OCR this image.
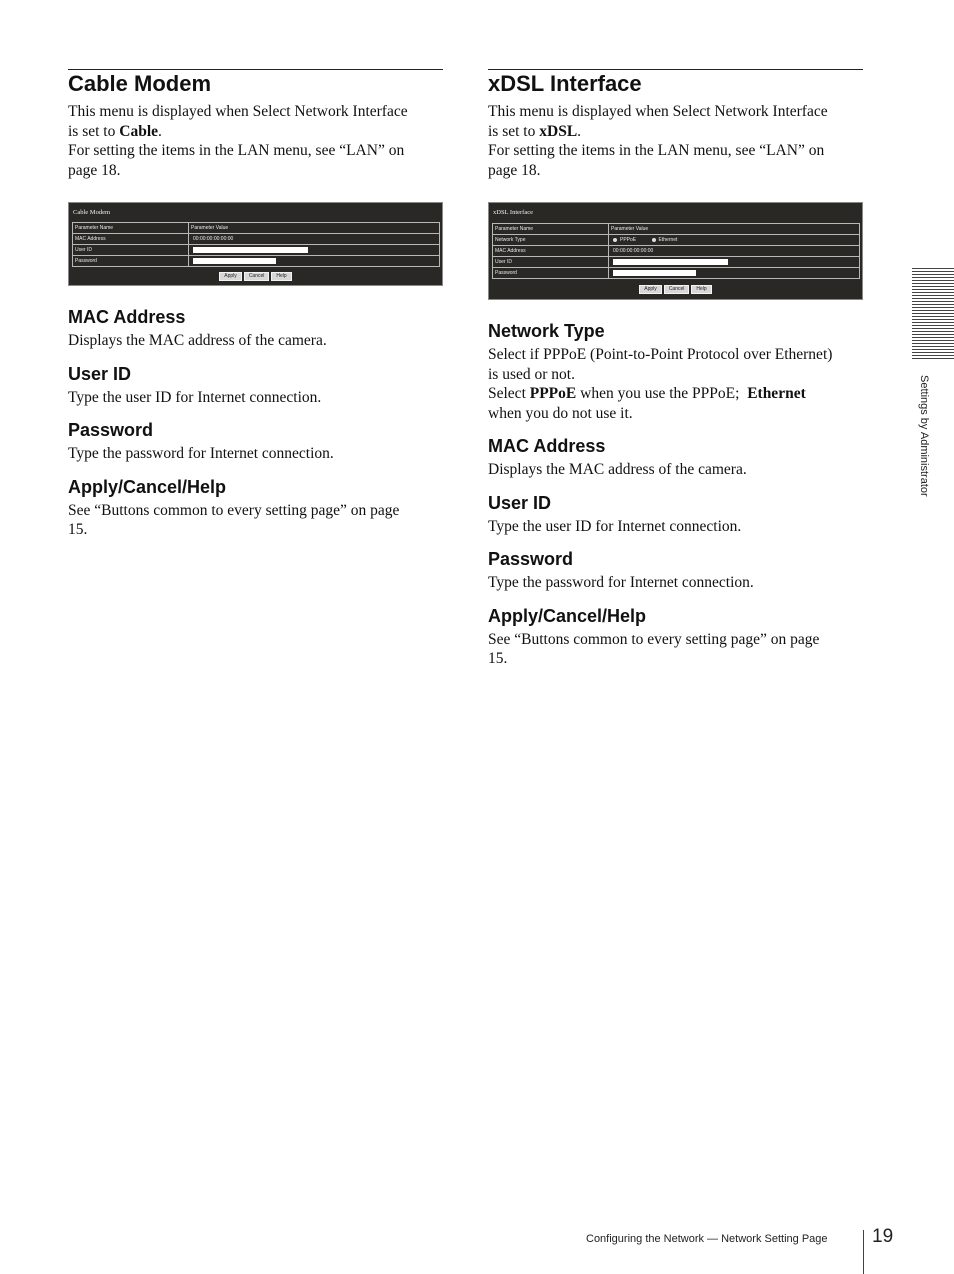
Cable Modem

This menu is displayed when Select Network Interface
is set to Cable.
For setting the items in the LAN menu, see “LAN” on
page 18.

Cable Modem
Parameter Name	Parameter Value
MAC Address	00:00:00:00:00:00
User ID	
Password	
Apply Cancel Help
MAC Address

Displays the MAC address of the camera.

User ID

Type the user ID for Internet connection.

Password

Type the password for Internet connection.

Apply/Cancel/Help

See “Buttons common to every setting page” on page
15.

xDSL Interface

This menu is displayed when Select Network Interface
is set to xDSL.
For setting the items in the LAN menu, see “LAN” on
page 18.

xDSL Interface
Parameter Name	Parameter Value
Network Type	PPPoE Ethernet
MAC Address	00:00:00:00:00:00
User ID	
Password	
Apply Cancel Help
Network Type

Select if PPPoE (Point-to-Point Protocol over Ethernet)
is used or not.
Select PPPoE when you use the PPPoE;  Ethernet
when you do not use it.

MAC Address

Displays the MAC address of the camera.

User ID

Type the user ID for Internet connection.

Password

Type the password for Internet connection.

Apply/Cancel/Help

See “Buttons common to every setting page” on page
15.

Settings by Administrator
Configuring the Network — Network Setting Page 19
